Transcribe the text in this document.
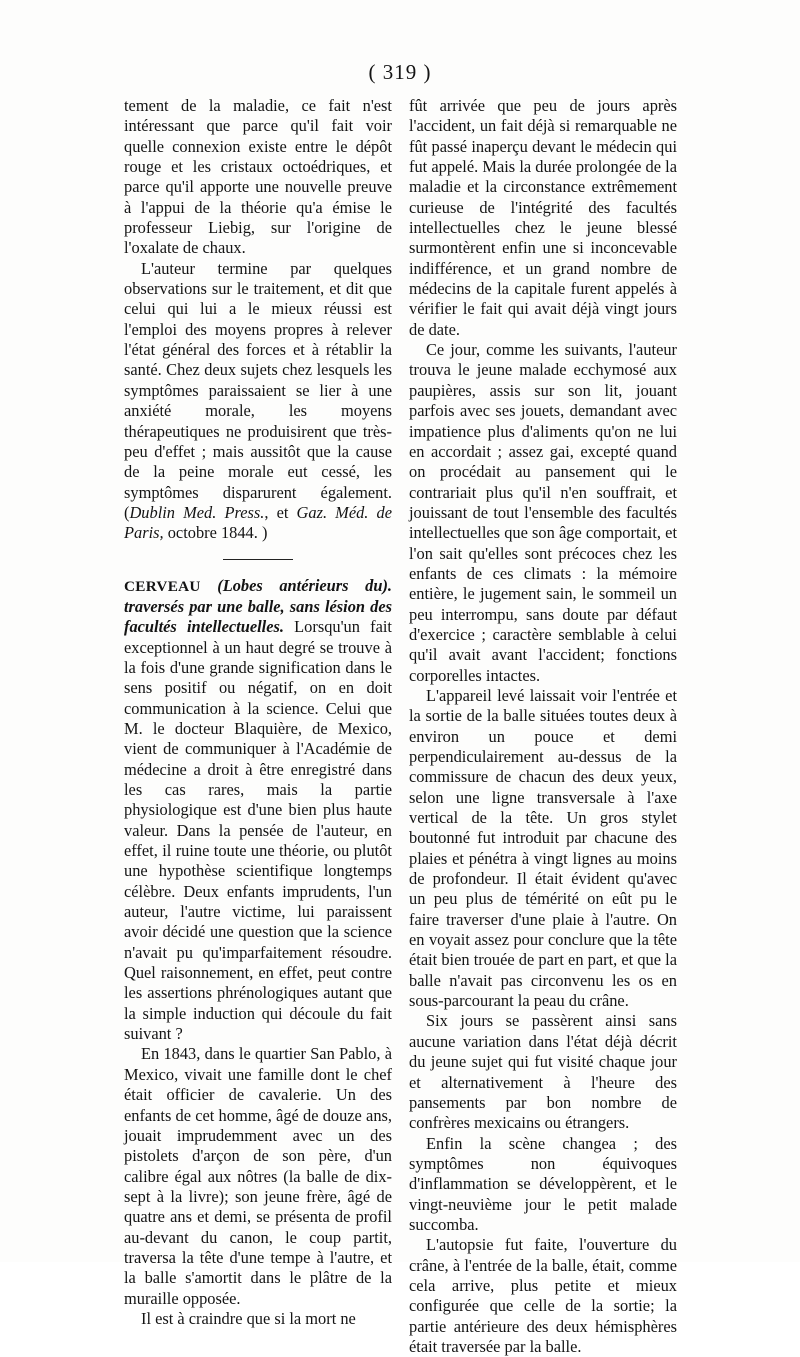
( 319 )

tement de la maladie, ce fait n'est intéressant que parce qu'il fait voir quelle connexion existe entre le dépôt rouge et les cristaux octoédriques, et parce qu'il apporte une nouvelle preuve à l'appui de la théorie qu'a émise le professeur Liebig, sur l'origine de l'oxalate de chaux.

L'auteur termine par quelques observations sur le traitement, et dit que celui qui lui a le mieux réussi est l'emploi des moyens propres à relever l'état général des forces et à rétablir la santé. Chez deux sujets chez lesquels les symptômes paraissaient se lier à une anxiété morale, les moyens thérapeutiques ne produisirent que très-peu d'effet ; mais aussitôt que la cause de la peine morale eut cessé, les symptômes disparurent également. (Dublin Med. Press., et Gaz. Méd. de Paris, octobre 1844. )

CERVEAU (Lobes antérieurs du). traversés par une balle, sans lésion des facultés intellectuelles. Lorsqu'un fait exceptionnel à un haut degré se trouve à la fois d'une grande signification dans le sens positif ou négatif, on en doit communication à la science. Celui que M. le docteur Blaquière, de Mexico, vient de communiquer à l'Académie de médecine a droit à être enregistré dans les cas rares, mais la partie physiologique est d'une bien plus haute valeur. Dans la pensée de l'auteur, en effet, il ruine toute une théorie, ou plutôt une hypothèse scientifique longtemps célèbre. Deux enfants imprudents, l'un auteur, l'autre victime, lui paraissent avoir décidé une question que la science n'avait pu qu'imparfaitement résoudre. Quel raisonnement, en effet, peut contre les assertions phrénologiques autant que la simple induction qui découle du fait suivant ?

En 1843, dans le quartier San Pablo, à Mexico, vivait une famille dont le chef était officier de cavalerie. Un des enfants de cet homme, âgé de douze ans, jouait imprudemment avec un des pistolets d'arçon de son père, d'un calibre égal aux nôtres (la balle de dix-sept à la livre); son jeune frère, âgé de quatre ans et demi, se présenta de profil au-devant du canon, le coup partit, traversa la tête d'une tempe à l'autre, et la balle s'amortit dans le plâtre de la muraille opposée.

Il est à craindre que si la mort ne

fût arrivée que peu de jours après l'accident, un fait déjà si remarquable ne fût passé inaperçu devant le médecin qui fut appelé. Mais la durée prolongée de la maladie et la circonstance extrêmement curieuse de l'intégrité des facultés intellectuelles chez le jeune blessé surmontèrent enfin une si inconcevable indifférence, et un grand nombre de médecins de la capitale furent appelés à vérifier le fait qui avait déjà vingt jours de date.

Ce jour, comme les suivants, l'auteur trouva le jeune malade ecchymosé aux paupières, assis sur son lit, jouant parfois avec ses jouets, demandant avec impatience plus d'aliments qu'on ne lui en accordait ; assez gai, excepté quand on procédait au pansement qui le contrariait plus qu'il n'en souffrait, et jouissant de tout l'ensemble des facultés intellectuelles que son âge comportait, et l'on sait qu'elles sont précoces chez les enfants de ces climats : la mémoire entière, le jugement sain, le sommeil un peu interrompu, sans doute par défaut d'exercice ; caractère semblable à celui qu'il avait avant l'accident; fonctions corporelles intactes.

L'appareil levé laissait voir l'entrée et la sortie de la balle situées toutes deux à environ un pouce et demi perpendiculairement au-dessus de la commissure de chacun des deux yeux, selon une ligne transversale à l'axe vertical de la tête. Un gros stylet boutonné fut introduit par chacune des plaies et pénétra à vingt lignes au moins de profondeur. Il était évident qu'avec un peu plus de témérité on eût pu le faire traverser d'une plaie à l'autre. On en voyait assez pour conclure que la tête était bien trouée de part en part, et que la balle n'avait pas circonvenu les os en sous-parcourant la peau du crâne.

Six jours se passèrent ainsi sans aucune variation dans l'état déjà décrit du jeune sujet qui fut visité chaque jour et alternativement à l'heure des pansements par bon nombre de confrères mexicains ou étrangers.

Enfin la scène changea ; des symptômes non équivoques d'inflammation se développèrent, et le vingt-neuvième jour le petit malade succomba.

L'autopsie fut faite, l'ouverture du crâne, à l'entrée de la balle, était, comme cela arrive, plus petite et mieux configurée que celle de la sortie; la partie antérieure des deux hémisphères était traversée par la balle.
